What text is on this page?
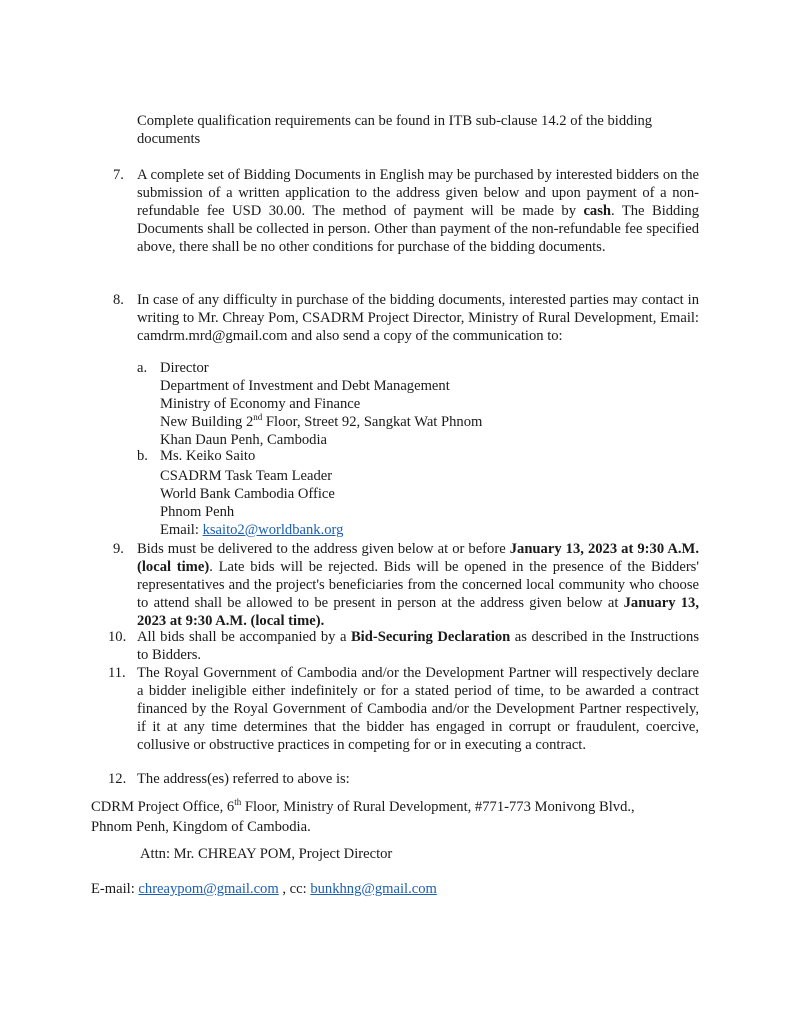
Complete qualification requirements can be found in ITB sub-clause 14.2 of the bidding
documents
7. A complete set of Bidding Documents in English may be purchased by interested bidders on the submission of a written application to the address given below and upon payment of a non-refundable fee USD 30.00. The method of payment will be made by cash. The Bidding Documents shall be collected in person. Other than payment of the non-refundable fee specified above, there shall be no other conditions for purchase of the bidding documents.
8. In case of any difficulty in purchase of the bidding documents, interested parties may contact in writing to Mr. Chreay Pom, CSADRM Project Director, Ministry of Rural Development, Email: camdrm.mrd@gmail.com and also send a copy of the communication to:
a. Director
Department of Investment and Debt Management
Ministry of Economy and Finance
New Building 2nd Floor, Street 92, Sangkat Wat Phnom
Khan Daun Penh, Cambodia
b. Ms. Keiko Saito
CSADRM Task Team Leader
World Bank Cambodia Office
Phnom Penh
Email: ksaito2@worldbank.org
9. Bids must be delivered to the address given below at or before January 13, 2023 at 9:30 A.M. (local time). Late bids will be rejected. Bids will be opened in the presence of the Bidders' representatives and the project's beneficiaries from the concerned local community who choose to attend shall be allowed to be present in person at the address given below at January 13, 2023 at 9:30 A.M. (local time).
10. All bids shall be accompanied by a Bid-Securing Declaration as described in the Instructions to Bidders.
11. The Royal Government of Cambodia and/or the Development Partner will respectively declare a bidder ineligible either indefinitely or for a stated period of time, to be awarded a contract financed by the Royal Government of Cambodia and/or the Development Partner respectively, if it at any time determines that the bidder has engaged in corrupt or fraudulent, coercive, collusive or obstructive practices in competing for or in executing a contract.
12. The address(es) referred to above is:
CDRM Project Office, 6th Floor, Ministry of Rural Development, #771-773 Monivong Blvd.,
Phnom Penh, Kingdom of Cambodia.
Attn: Mr. CHREAY POM, Project Director
E-mail: chreaypom@gmail.com , cc: bunkhng@gmail.com
